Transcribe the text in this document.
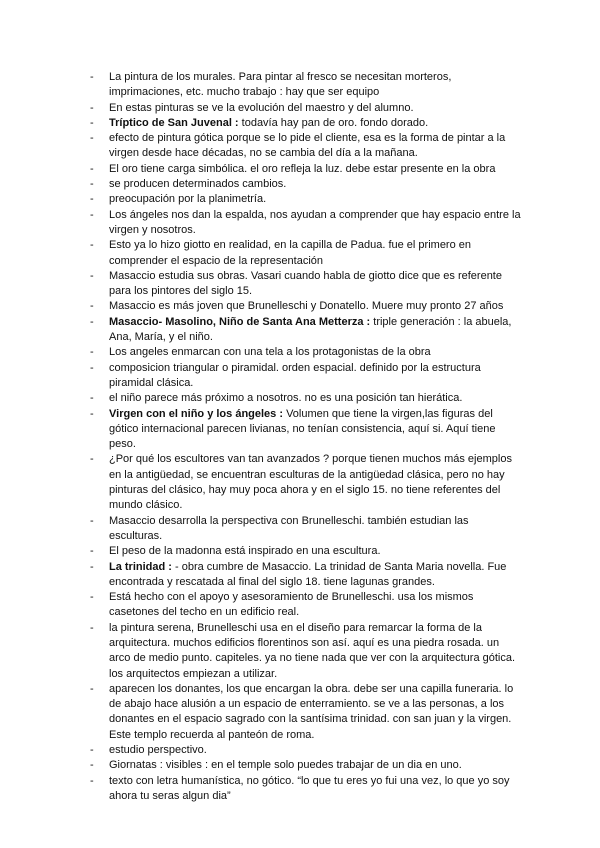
- La pintura de los murales. Para pintar al fresco se necesitan morteros, imprimaciones, etc. mucho trabajo : hay que ser equipo
- En estas pinturas se ve la evolución del maestro y del alumno.
- Tríptico de San Juvenal : todavía hay pan de oro. fondo dorado.
- efecto de pintura gótica porque se lo pide el cliente, esa es la forma de pintar a la virgen desde hace décadas, no se cambia del día a la mañana.
- El oro tiene carga simbólica. el oro refleja la luz. debe estar presente en la obra
- se producen determinados cambios.
- preocupación por la planimetría.
- Los ángeles nos dan la espalda, nos ayudan a comprender que hay espacio entre la virgen y nosotros.
- Esto ya lo hizo giotto en realidad, en la capilla de Padua. fue el primero en comprender el espacio de la representación
- Masaccio estudia sus obras. Vasari cuando habla de giotto dice que es referente para los pintores del siglo 15.
- Masaccio es más joven que Brunelleschi y Donatello. Muere muy pronto 27 años
- Masaccio- Masolino, Niño de Santa Ana Metterza : triple generación : la abuela, Ana, María, y el niño.
- Los angeles enmarcan con una tela a los protagonistas de la obra
- composicion triangular o piramidal. orden espacial. definido por la estructura piramidal clásica.
- el niño parece más próximo a nosotros. no es una posición tan hierática.
- Virgen con el niño y los ángeles : Volumen que tiene la virgen,las figuras del gótico internacional parecen livianas, no tenían consistencia, aquí si. Aquí tiene peso.
- ¿Por qué los escultores van tan avanzados ? porque tienen muchos más ejemplos en la antigüedad, se encuentran esculturas de la antigüedad clásica, pero no hay pinturas del clásico, hay muy poca ahora y en el siglo 15. no tiene referentes del mundo clásico.
- Masaccio desarrolla la perspectiva con Brunelleschi. también estudian las esculturas.
- El peso de la madonna está inspirado en una escultura.
- La trinidad : - obra cumbre de Masaccio. La trinidad de Santa Maria novella. Fue encontrada y rescatada al final del siglo 18. tiene lagunas grandes.
- Está hecho con el apoyo y asesoramiento de Brunelleschi. usa los mismos casetones del techo en un edificio real.
- la pintura serena, Brunelleschi usa en el diseño para remarcar la forma de la arquitectura. muchos edificios florentinos son así. aquí es una piedra rosada. un arco de medio punto. capiteles. ya no tiene nada que ver con la arquitectura gótica. los arquitectos empiezan a utilizar.
- aparecen los donantes, los que encargan la obra. debe ser una capilla funeraria. lo de abajo hace alusión a un espacio de enterramiento. se ve a las personas, a los donantes en el espacio sagrado con la santísima trinidad. con san juan y la virgen. Este templo recuerda al panteón de roma.
- estudio perspectivo.
- Giornatas : visibles : en el temple solo puedes trabajar de un dia en uno.
- texto con letra humanística, no gótico. “lo que tu eres yo fui una vez, lo que yo soy ahora tu seras algun dia”
